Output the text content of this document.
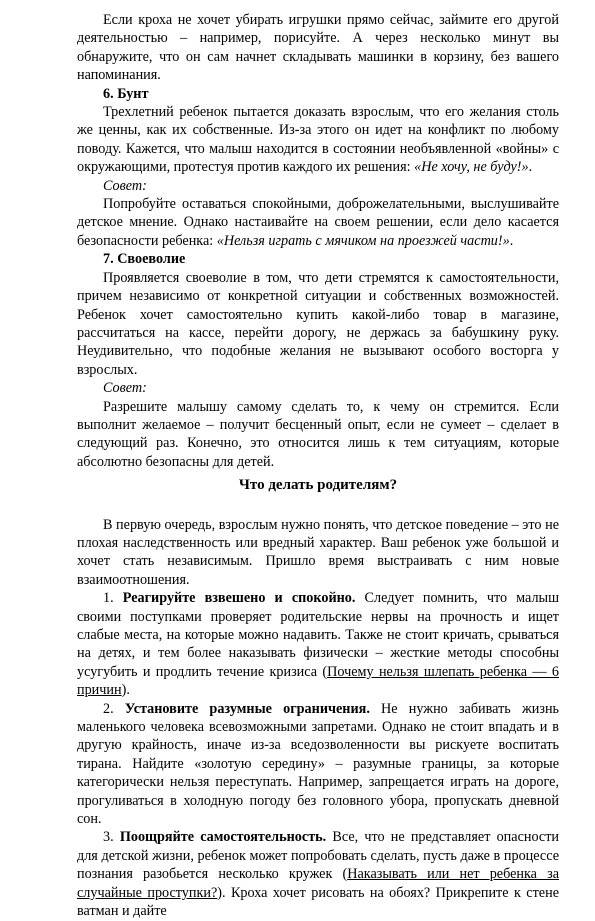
Если кроха не хочет убирать игрушки прямо сейчас, займите его другой деятельностью – например, порисуйте. А через несколько минут вы обнаружите, что он сам начнет складывать машинки в корзину, без вашего напоминания.

6. Бунт

Трехлетний ребенок пытается доказать взрослым, что его желания столь же ценны, как их собственные. Из-за этого он идет на конфликт по любому поводу. Кажется, что малыш находится в состоянии необъявленной «войны» с окружающими, протестуя против каждого их решения: «Не хочу, не буду!».

Совет:

Попробуйте оставаться спокойными, доброжелательными, выслушивайте детское мнение. Однако настаивайте на своем решении, если дело касается безопасности ребенка: «Нельзя играть с мячиком на проезжей части!».

7. Своеволие

Проявляется своеволие в том, что дети стремятся к самостоятельности, причем независимо от конкретной ситуации и собственных возможностей. Ребенок хочет самостоятельно купить какой-либо товар в магазине, рассчитаться на кассе, перейти дорогу, не держась за бабушкину руку. Неудивительно, что подобные желания не вызывают особого восторга у взрослых.

Совет:

Разрешите малышу самому сделать то, к чему он стремится. Если выполнит желаемое – получит бесценный опыт, если не сумеет – сделает в следующий раз. Конечно, это относится лишь к тем ситуациям, которые абсолютно безопасны для детей.

Что делать родителям?

В первую очередь, взрослым нужно понять, что детское поведение – это не плохая наследственность или вредный характер. Ваш ребенок уже большой и хочет стать независимым. Пришло время выстраивать с ним новые взаимоотношения.

1. Реагируйте взвешено и спокойно. Следует помнить, что малыш своими поступками проверяет родительские нервы на прочность и ищет слабые места, на которые можно надавить. Также не стоит кричать, срываться на детях, и тем более наказывать физически – жесткие методы способны усугубить и продлить течение кризиса (Почему нельзя шлепать ребенка — 6 причин).

2. Установите разумные ограничения. Не нужно забивать жизнь маленького человека всевозможными запретами. Однако не стоит впадать и в другую крайность, иначе из-за вседозволенности вы рискуете воспитать тирана. Найдите «золотую середину» – разумные границы, за которые категорически нельзя переступать. Например, запрещается играть на дороге, прогуливаться в холодную погоду без головного убора, пропускать дневной сон.

3. Поощряйте самостоятельность. Все, что не представляет опасности для детской жизни, ребенок может попробовать сделать, пусть даже в процессе познания разобьется несколько кружек (Наказывать или нет ребенка за случайные проступки?). Кроха хочет рисовать на обоях? Прикрепите к стене ватман и дайте
